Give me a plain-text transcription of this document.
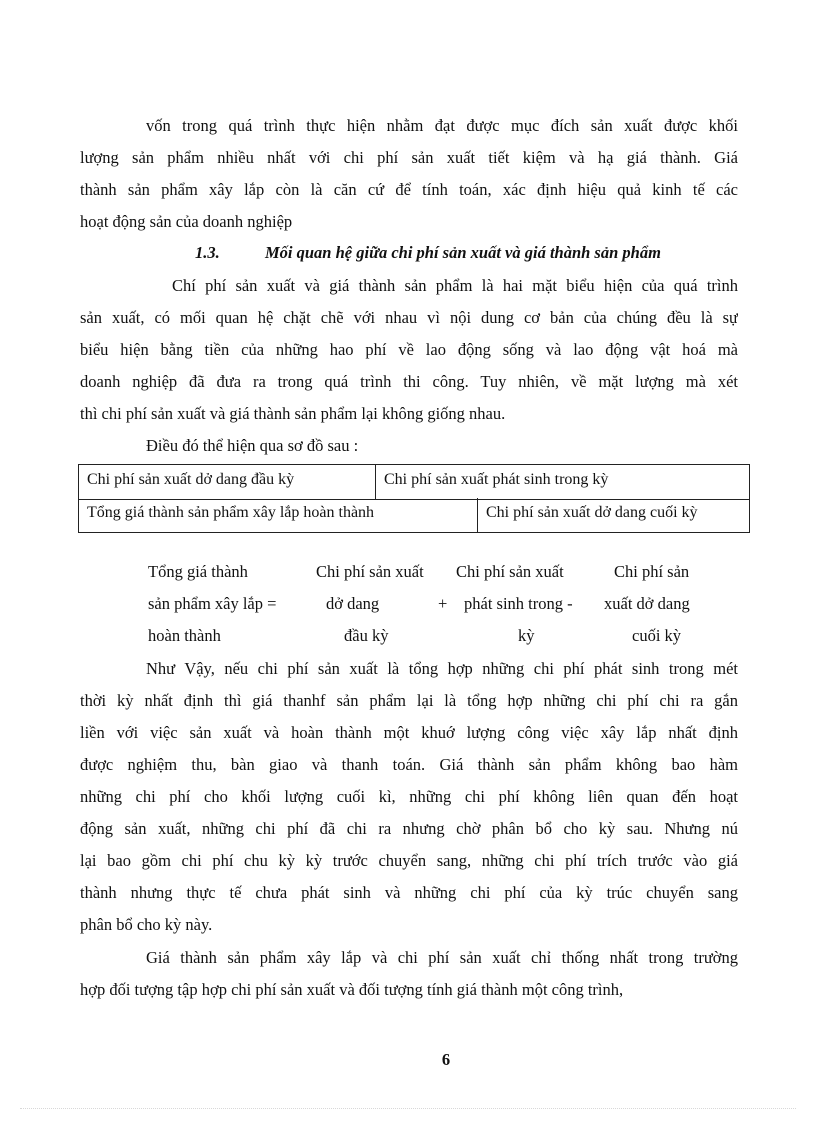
vốn trong quá trình thực hiện nhằm đạt được mục đích sản xuất được khối
lượng sản phẩm nhiều nhất với chi phí sản xuất tiết kiệm và hạ giá thành. Giá
thành sản phẩm xây lắp còn là căn cứ để tính toán, xác định hiệu quả kinh tế các
hoạt động sản của doanh nghiệp
1.3.	Mối quan hệ giữa chi phí sản xuất và giá thành sản phẩm
Chí phí sản xuất và giá thành sản phẩm là hai mặt biểu hiện của quá trình
sản xuất, có mối quan hệ chặt chẽ với nhau vì nội dung cơ bản của chúng đều là sự
biểu hiện bằng tiền của những hao phí về lao động sống và lao động vật hoá mà
doanh nghiệp đã đưa ra trong quá trình thi công. Tuy nhiên, về mặt lượng mà xét
thì chi phí sản xuất và giá thành sản phẩm lại không giống nhau.
Điều đó thể hiện qua sơ đồ sau :
Chi phí sản xuất dở dang đầu kỳ	Chi phí sản xuất phát sinh trong kỳ
Tổng giá thành sản phẩm xây lắp hoàn thành	Chi phí sản xuất dở dang cuối kỳ
Tổng giá thành
sản phẩm xây lắp =
hoàn thành
Chi phí sản xuất
dở dang
đầu kỳ
+
Chi phí sản xuất
phát sinh trong -
kỳ
Chi phí sản
xuất dở dang
cuối kỳ
Như Vậy, nếu chi phí sản xuất là tổng hợp những chi phí phát sinh trong mét
thời kỳ nhất định thì giá thanhf sản phẩm lại là tổng hợp những chi phí chi ra gắn
liền với việc sản xuất và hoàn thành một khuớ lượng công việc xây lắp nhất định
được nghiệm thu, bàn giao và thanh toán. Giá thành sản phẩm không bao hàm
những chi phí cho khối lượng cuối kì, những chi phí không liên quan đến hoạt
động sản xuất, những chi phí đã chi ra nhưng chờ phân bổ cho kỳ sau. Nhưng nú
lại bao gồm chi phí chu kỳ kỳ trước chuyển sang, những chi phí trích trước vào giá
thành nhưng thực tế chưa phát sinh và những chi phí của kỳ trúc chuyển sang
phân bổ cho kỳ này.
Giá thành sản phẩm xây lắp và chi phí sản xuất chỉ thống nhất trong trường
hợp đối tượng tập hợp chi phí sản xuất và đối tượng tính giá thành một công trình,
6
